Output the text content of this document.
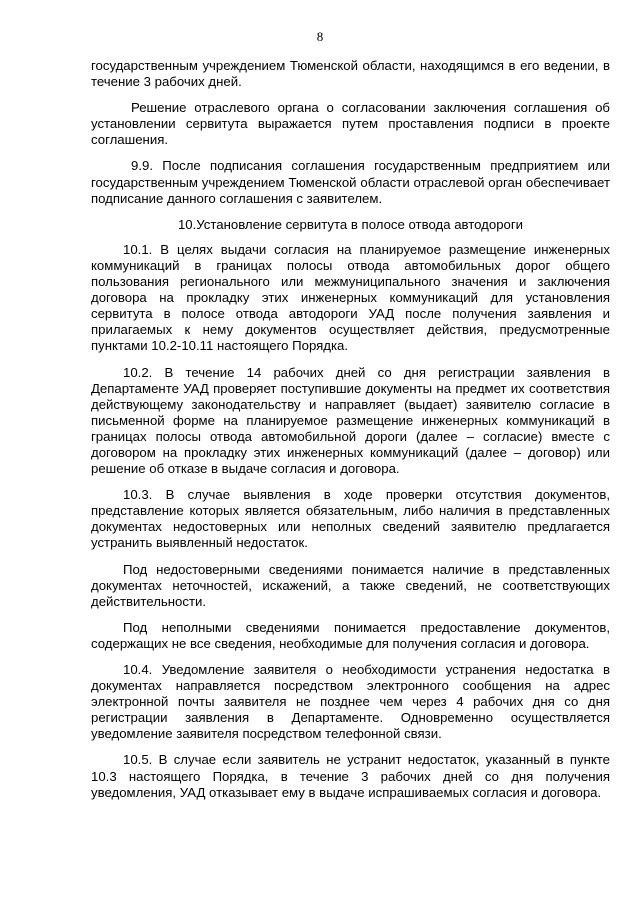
8

государственным учреждением Тюменской области, находящимся в его ведении, в течение 3 рабочих дней.

Решение отраслевого органа о согласовании заключения соглашения об установлении сервитута выражается путем проставления подписи в проекте соглашения.

9.9. После подписания соглашения государственным предприятием или государственным учреждением Тюменской области отраслевой орган обеспечивает подписание данного соглашения с заявителем.

10.Установление сервитута в полосе отвода автодороги

10.1. В целях выдачи согласия на планируемое размещение инженерных коммуникаций в границах полосы отвода автомобильных дорог общего пользования регионального или межмуниципального значения и заключения договора на прокладку этих инженерных коммуникаций для установления сервитута в полосе отвода автодороги УАД после получения заявления и прилагаемых к нему документов осуществляет действия, предусмотренные пунктами 10.2-10.11 настоящего Порядка.

10.2. В течение 14 рабочих дней со дня регистрации заявления в Департаменте УАД проверяет поступившие документы на предмет их соответствия действующему законодательству и направляет (выдает) заявителю согласие в письменной форме на планируемое размещение инженерных коммуникаций в границах полосы отвода автомобильной дороги (далее – согласие) вместе с договором на прокладку этих инженерных коммуникаций (далее – договор) или решение об отказе в выдаче согласия и договора.

10.3. В случае выявления в ходе проверки отсутствия документов, представление которых является обязательным, либо наличия в представленных документах недостоверных или неполных сведений заявителю предлагается устранить выявленный недостаток.

Под недостоверными сведениями понимается наличие в представленных документах неточностей, искажений, а также сведений, не соответствующих действительности.

Под неполными сведениями понимается предоставление документов, содержащих не все сведения, необходимые для получения согласия и договора.

10.4. Уведомление заявителя о необходимости устранения недостатка в документах направляется посредством электронного сообщения на адрес электронной почты заявителя не позднее чем через 4 рабочих дня со дня регистрации заявления в Департаменте. Одновременно осуществляется уведомление заявителя посредством телефонной связи.

10.5. В случае если заявитель не устранит недостаток, указанный в пункте 10.3 настоящего Порядка, в течение 3 рабочих дней со дня получения уведомления, УАД отказывает ему в выдаче испрашиваемых согласия и договора.
